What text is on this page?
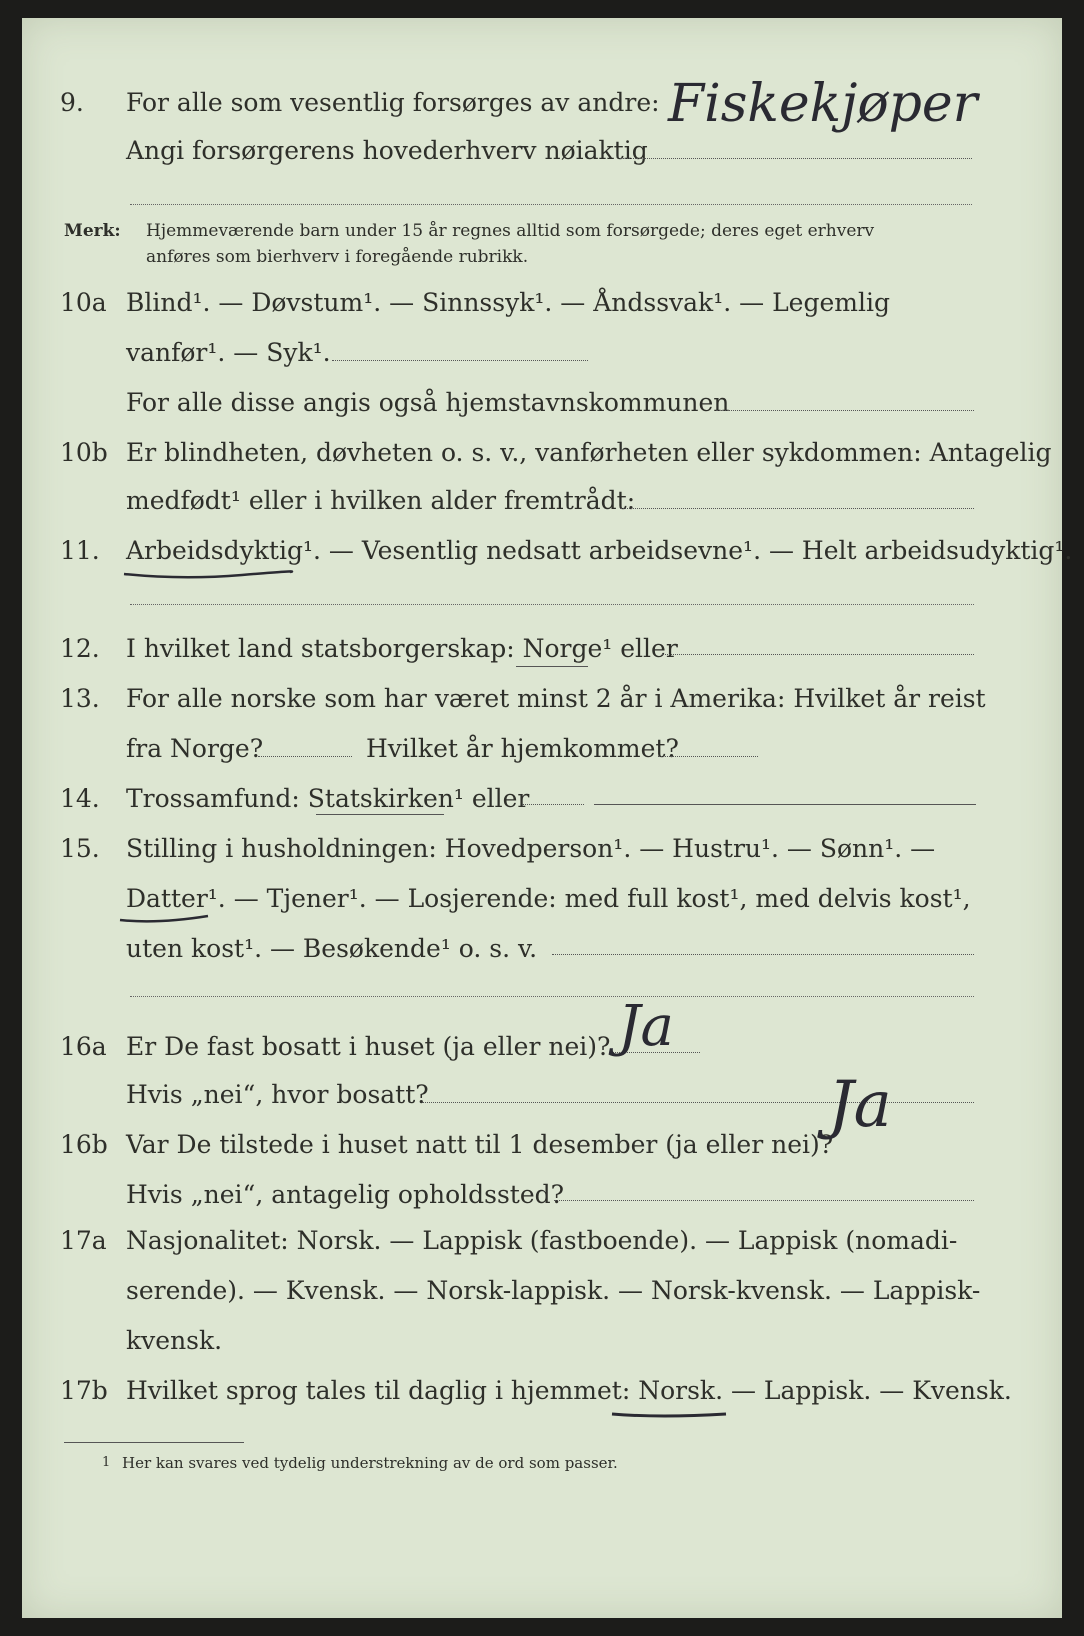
9. For alle som vesentlig forsørges av andre:
Angi forsørgerens hovederhverv nøiaktig
Fiskekjøper
Merk: Hjemmeværende barn under 15 år regnes alltid som forsørgede; deres eget erhverv
anføres som bierhverv i foregående rubrikk.
10a Blind¹. — Døvstum¹. — Sinnssyk¹. — Åndssvak¹. — Legemlig
vanfør¹. — Syk¹.
For alle disse angis også hjemstavnskommunen
10b Er blindheten, døvheten o. s. v., vanførheten eller sykdommen: Antagelig
medfødt¹ eller i hvilken alder fremtrådt:
11. Arbeidsdyktig¹. — Vesentlig nedsatt arbeidsevne¹. — Helt arbeidsudyktig¹.
12. I hvilket land statsborgerskap: Norge¹ eller
13. For alle norske som har været minst 2 år i Amerika: Hvilket år reist
fra Norge?	Hvilket år hjemkommet?
14. Trossamfund: Statskirken¹ eller
15. Stilling i husholdningen: Hovedperson¹. — Hustru¹. — Sønn¹. —
Datter¹. — Tjener¹. — Losjerende: med full kost¹, med delvis kost¹,
uten kost¹. — Besøkende¹ o. s. v.
16a Er De fast bosatt i huset (ja eller nei)? Ja
Hvis „nei“, hvor bosatt?
16b Var De tilstede i huset natt til 1 desember (ja eller nei)?
Ja
Hvis „nei“, antagelig opholdssted?
17a Nasjonalitet: Norsk. — Lappisk (fastboende). — Lappisk (nomadi-
serende). — Kvensk. — Norsk-lappisk. — Norsk-kvensk. — Lappisk-
kvensk.
17b Hvilket sprog tales til daglig i hjemmet: Norsk. — Lappisk. — Kvensk.
1 Her kan svares ved tydelig understrekning av de ord som passer.
